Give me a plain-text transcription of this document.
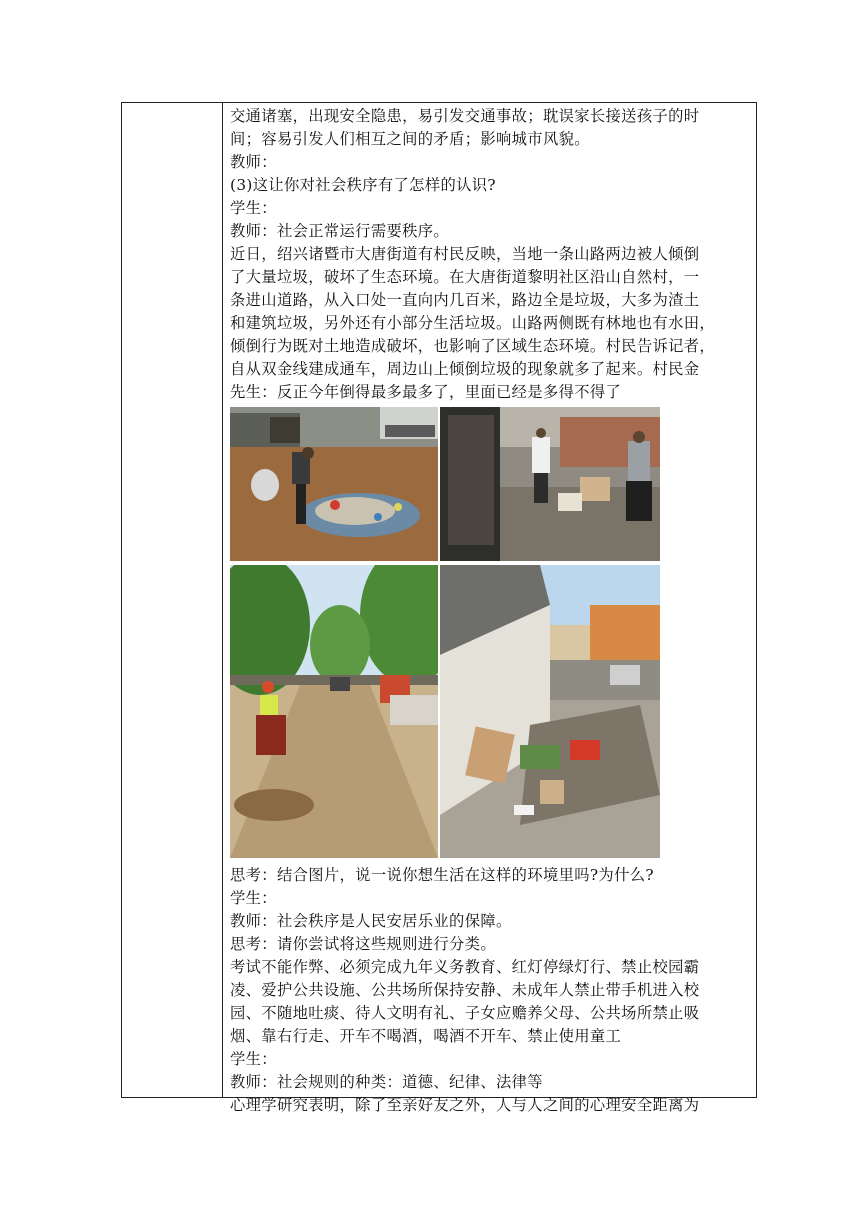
交通诸塞，出现安全隐患，易引发交通事故；耽误家长接送孩子的时
间；容易引发人们相互之间的矛盾；影响城市风貌。
教师：
(3)这让你对社会秩序有了怎样的认识?
学生：
教师：社会正常运行需要秩序。
近日，绍兴诸暨市大唐街道有村民反映，当地一条山路两边被人倾倒
了大量垃圾，破坏了生态环境。在大唐街道黎明社区沿山自然村，一
条进山道路，从入口处一直向内几百米，路边全是垃圾，大多为渣土
和建筑垃圾，另外还有小部分生活垃圾。山路两侧既有林地也有水田，
倾倒行为既对土地造成破坏，也影响了区域生态环境。村民告诉记者，
自从双金线建成通车，周边山上倾倒垃圾的现象就多了起来。村民金
先生：反正今年倒得最多最多了，里面已经是多得不得了
思考：结合图片，说一说你想生活在这样的环境里吗?为什么?
学生：
教师：社会秩序是人民安居乐业的保障。
思考：请你尝试将这些规则进行分类。
考试不能作弊、必须完成九年义务教育、红灯停绿灯行、禁止校园霸
凌、爱护公共设施、公共场所保持安静、未成年人禁止带手机进入校
园、不随地吐痰、待人文明有礼、子女应赡养父母、公共场所禁止吸
烟、靠右行走、开车不喝酒，喝酒不开车、禁止使用童工
学生：
教师：社会规则的种类：道德、纪律、法律等
心理学研究表明，除了至亲好友之外，人与人之间的心理安全距离为
